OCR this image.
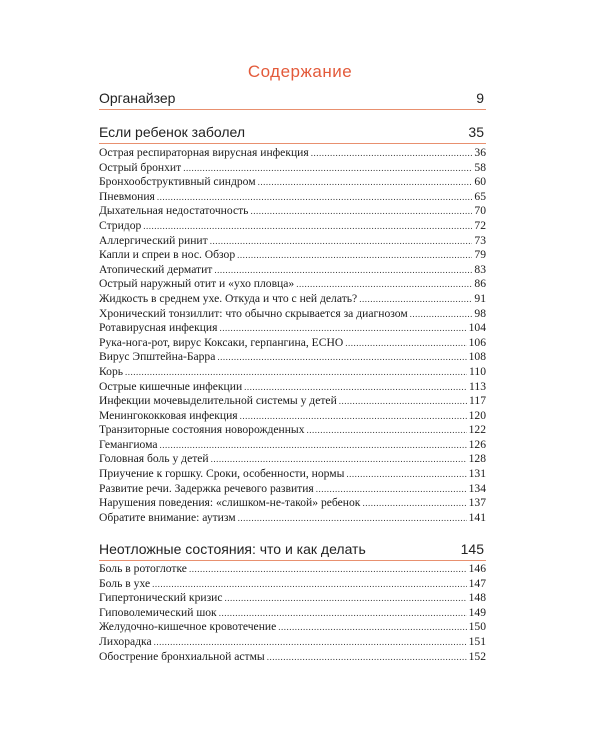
Содержание
Органайзер	9
Если ребенок заболел	35
Острая респираторная вирусная инфекция .....	36
Острый бронхит .....	58
Бронхообструктивный синдром .....	60
Пневмония .....	65
Дыхательная недостаточность .....	70
Стридор .....	72
Аллергический ринит .....	73
Капли и спреи в нос. Обзор .....	79
Атопический дерматит .....	83
Острый наружный отит и «ухо пловца» .....	86
Жидкость в среднем ухе. Откуда и что с ней делать? .....	91
Хронический тонзиллит: что обычно скрывается за диагнозом .....	98
Ротавирусная инфекция .....	104
Рука-нога-рот, вирус Коксаки, герпангина, ECHO .....	106
Вирус Эпштейна-Барра .....	108
Корь .....	110
Острые кишечные инфекции .....	113
Инфекции мочевыделительной системы у детей .....	117
Менингококковая инфекция .....	120
Транзиторные состояния новорожденных .....	122
Гемангиома .....	126
Головная боль у детей .....	128
Приучение к горшку. Сроки, особенности, нормы .....	131
Развитие речи. Задержка речевого развития .....	134
Нарушения поведения: «слишком-не-такой» ребенок .....	137
Обратите внимание: аутизм .....	141
Неотложные состояния: что и как делать	145
Боль в ротоглотке .....	146
Боль в ухе .....	147
Гипертонический кризис .....	148
Гиповолемический шок .....	149
Желудочно-кишечное кровотечение .....	150
Лихорадка .....	151
Обострение бронхиальной астмы .....	152
